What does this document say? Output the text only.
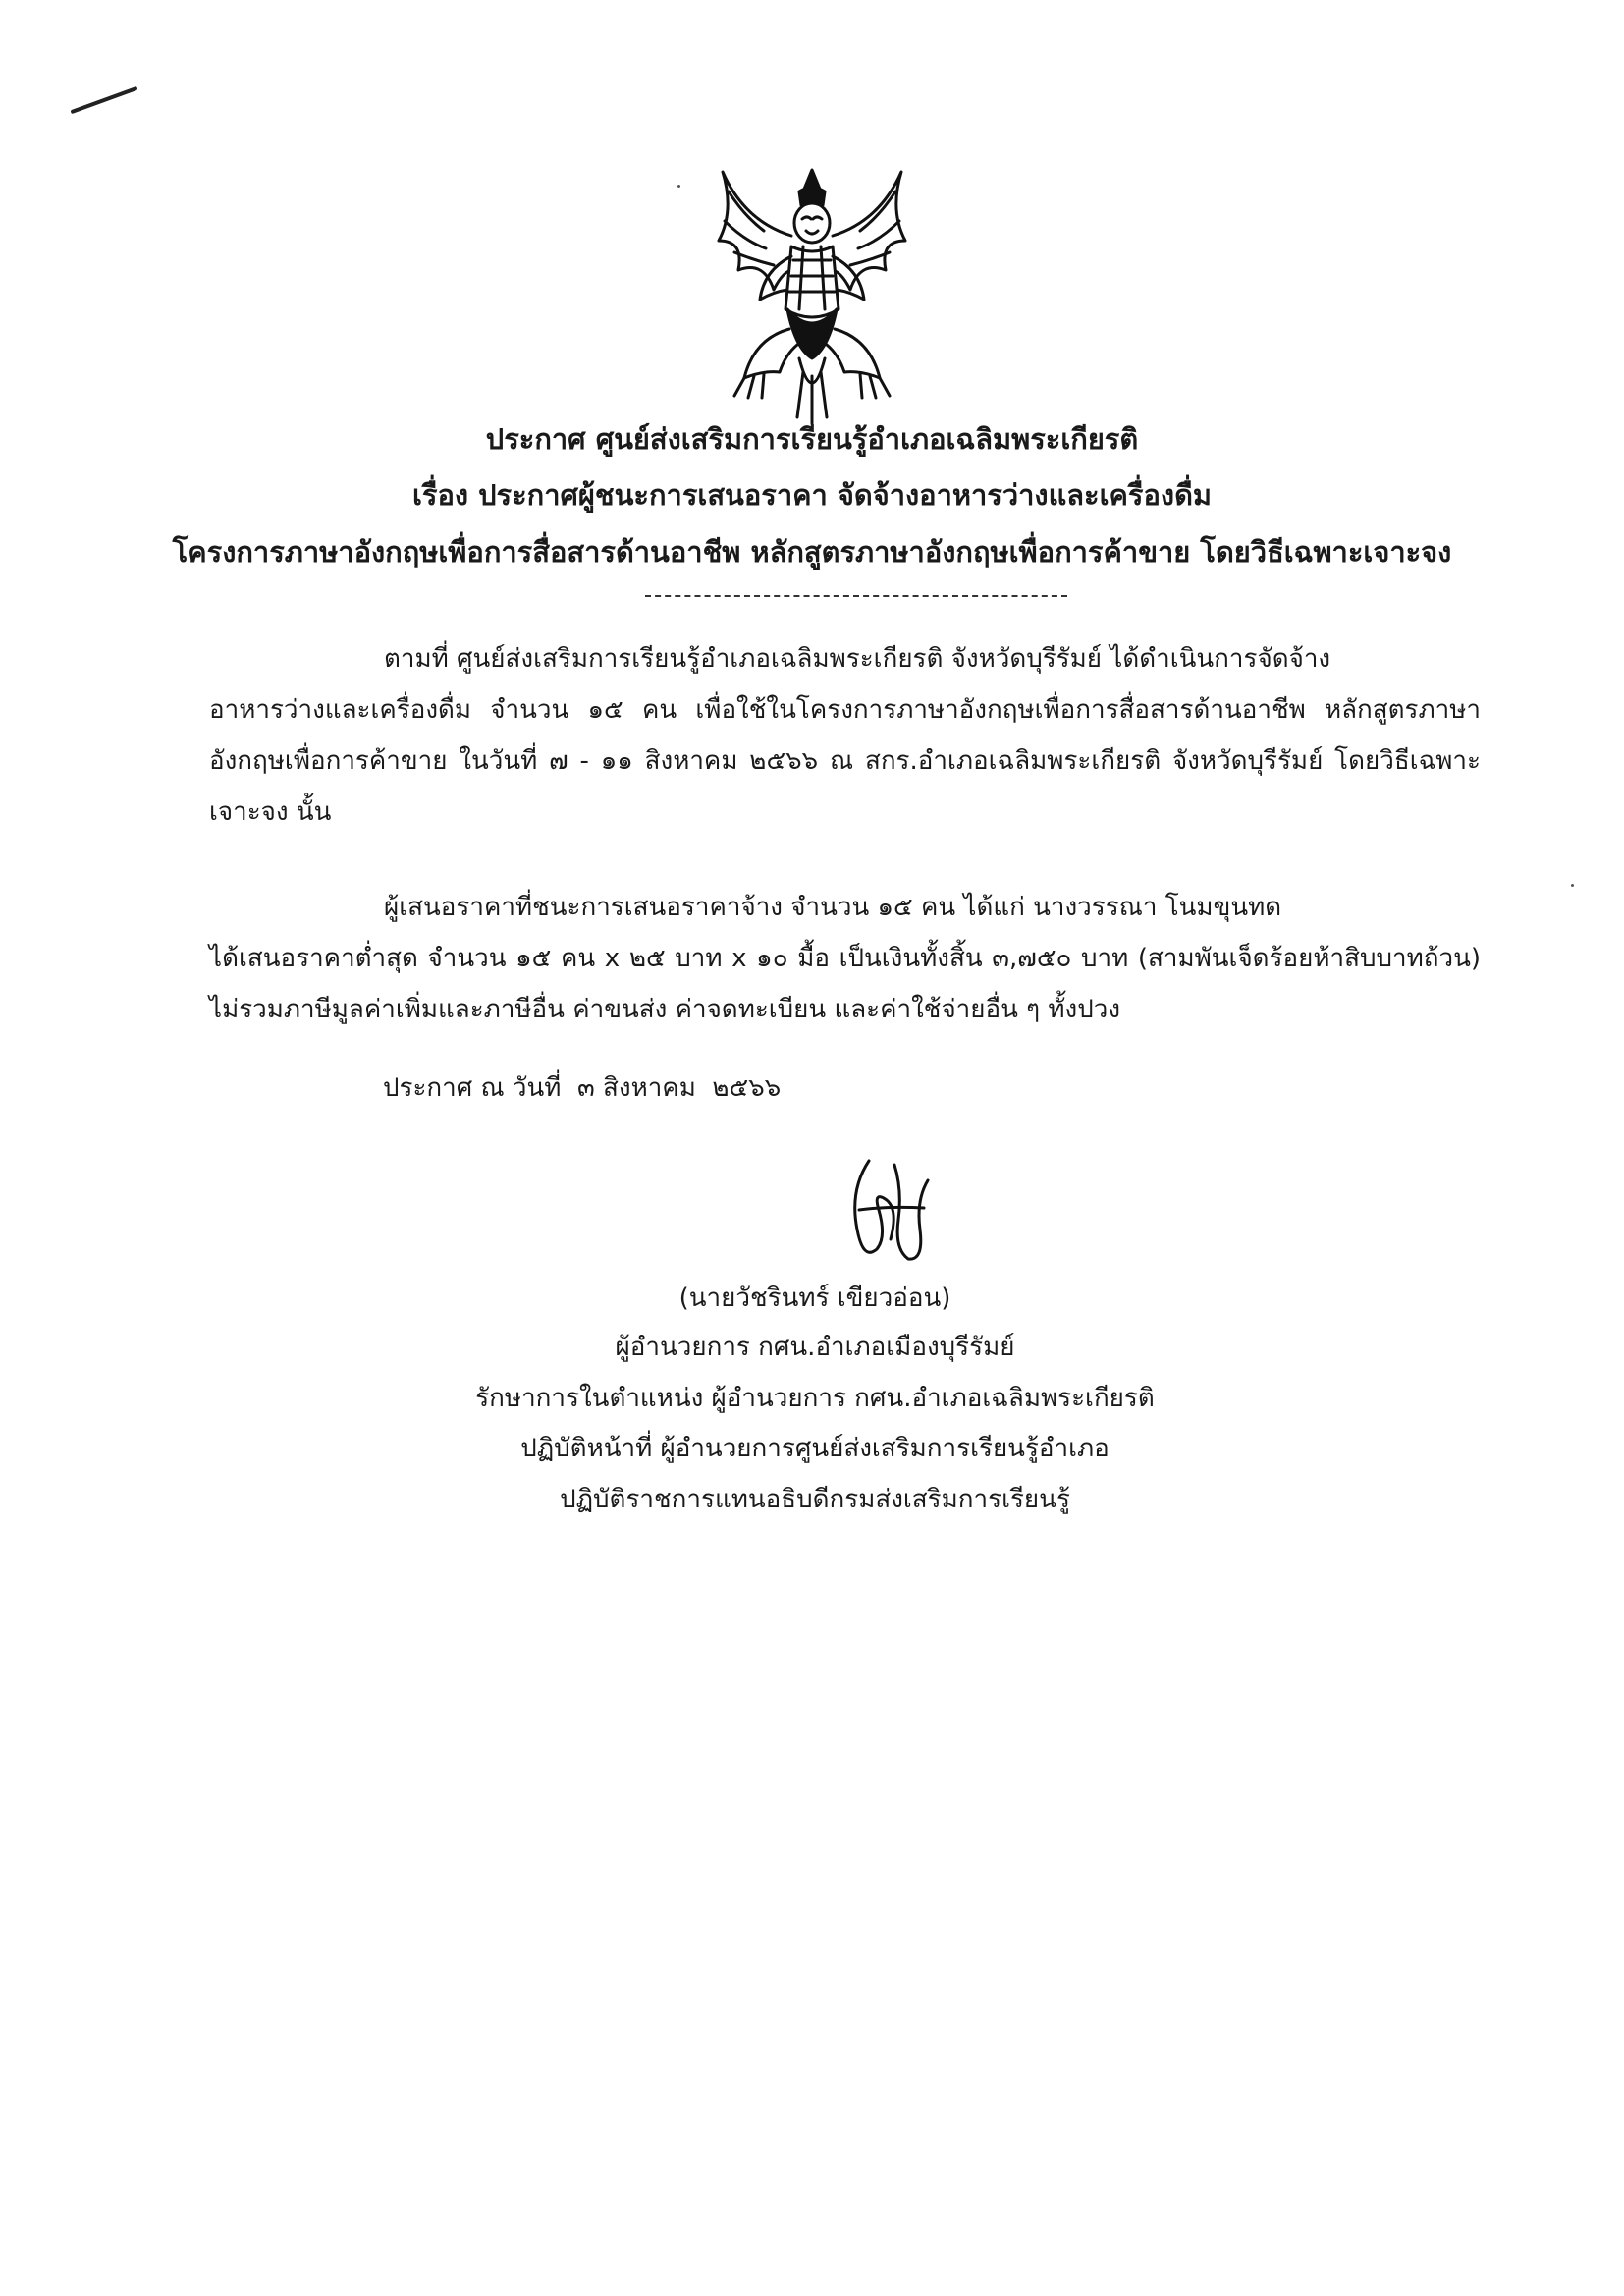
ประกาศ ศูนย์ส่งเสริมการเรียนรู้อำเภอเฉลิมพระเกียรติ
เรื่อง ประกาศผู้ชนะการเสนอราคา จัดจ้างอาหารว่างและเครื่องดื่ม
โครงการภาษาอังกฤษเพื่อการสื่อสารด้านอาชีพ หลักสูตรภาษาอังกฤษเพื่อการค้าขาย โดยวิธีเฉพาะเจาะจง
ตามที่ ศูนย์ส่งเสริมการเรียนรู้อำเภอเฉลิมพระเกียรติ จังหวัดบุรีรัมย์ ได้ดำเนินการจัดจ้าง
อาหารว่างและเครื่องดื่ม จำนวน ๑๕ คน เพื่อใช้ในโครงการภาษาอังกฤษเพื่อการสื่อสารด้านอาชีพ หลักสูตรภาษาอังกฤษเพื่อการค้าขาย ในวันที่ ๗ - ๑๑ สิงหาคม ๒๕๖๖ ณ สกร.อำเภอเฉลิมพระเกียรติ จังหวัดบุรีรัมย์ โดยวิธีเฉพาะเจาะจง นั้น
ผู้เสนอราคาที่ชนะการเสนอราคาจ้าง จำนวน ๑๕ คน ได้แก่ นางวรรณา โนมขุนทด
ได้เสนอราคาต่ำสุด จำนวน ๑๕ คน x ๒๕ บาท x ๑๐ มื้อ เป็นเงินทั้งสิ้น ๓,๗๕๐ บาท (สามพันเจ็ดร้อยห้าสิบบาทถ้วน) ไม่รวมภาษีมูลค่าเพิ่มและภาษีอื่น ค่าขนส่ง ค่าจดทะเบียน และค่าใช้จ่ายอื่น ๆ ทั้งปวง
ประกาศ ณ วันที่  ๓ สิงหาคม  ๒๕๖๖
(นายวัชรินทร์ เขียวอ่อน)
ผู้อำนวยการ กศน.อำเภอเมืองบุรีรัมย์
รักษาการในตำแหน่ง ผู้อำนวยการ กศน.อำเภอเฉลิมพระเกียรติ
ปฏิบัติหน้าที่ ผู้อำนวยการศูนย์ส่งเสริมการเรียนรู้อำเภอ
ปฏิบัติราชการแทนอธิบดีกรมส่งเสริมการเรียนรู้
